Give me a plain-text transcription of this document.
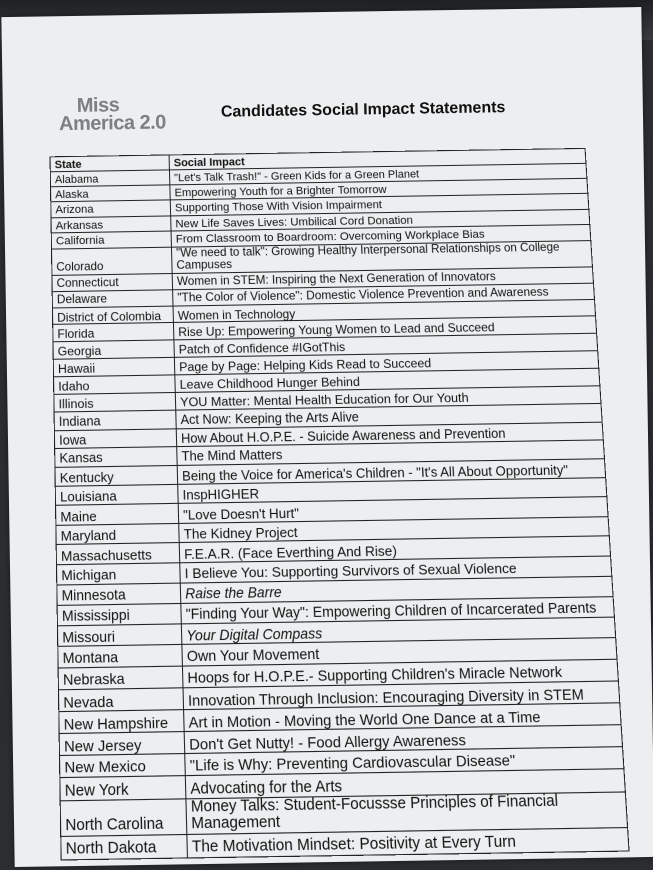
Miss
America 2.0
Candidates Social Impact Statements
State	Social Impact
Alabama	"Let's Talk Trash!" - Green Kids for a Green Planet
Alaska	Empowering Youth for a Brighter Tomorrow
Arizona	Supporting Those With Vision Impairment
Arkansas	New Life Saves Lives: Umbilical Cord Donation
California	From Classroom to Boardroom: Overcoming Workplace Bias
Colorado	"We need to talk": Growing Healthy Interpersonal Relationships on College Campuses
Connecticut	Women in STEM: Inspiring the Next Generation of Innovators
Delaware	"The Color of Violence": Domestic Violence Prevention and Awareness
District of Colombia	Women in Technology
Florida	Rise Up: Empowering Young Women to Lead and Succeed
Georgia	Patch of Confidence #IGotThis
Hawaii	Page by Page: Helping Kids Read to Succeed
Idaho	Leave Childhood Hunger Behind
Illinois	YOU Matter: Mental Health Education for Our Youth
Indiana	Act Now: Keeping the Arts Alive
Iowa	How About H.O.P.E. - Suicide Awareness and Prevention
Kansas	The Mind Matters
Kentucky	Being the Voice for America's Children - "It's All About Opportunity"
Louisiana	InspHIGHER
Maine	"Love Doesn't Hurt"
Maryland	The Kidney Project
Massachusetts	F.E.A.R. (Face Everthing And Rise)
Michigan	I Believe You: Supporting Survivors of Sexual Violence
Minnesota	Raise the Barre
Mississippi	"Finding Your Way": Empowering Children of Incarcerated Parents
Missouri	Your Digital Compass
Montana	Own Your Movement
Nebraska	Hoops for H.O.P.E.- Supporting Children's Miracle Network
Nevada	Innovation Through Inclusion: Encouraging Diversity in STEM
New Hampshire	Art in Motion - Moving the World One Dance at a Time
New Jersey	Don't Get Nutty! - Food Allergy Awareness
New Mexico	"Life is Why: Preventing Cardiovascular Disease"
New York	Advocating for the Arts
North Carolina	Money Talks: Student-Focussse Principles of Financial Management
North Dakota	The Motivation Mindset: Positivity at Every Turn
